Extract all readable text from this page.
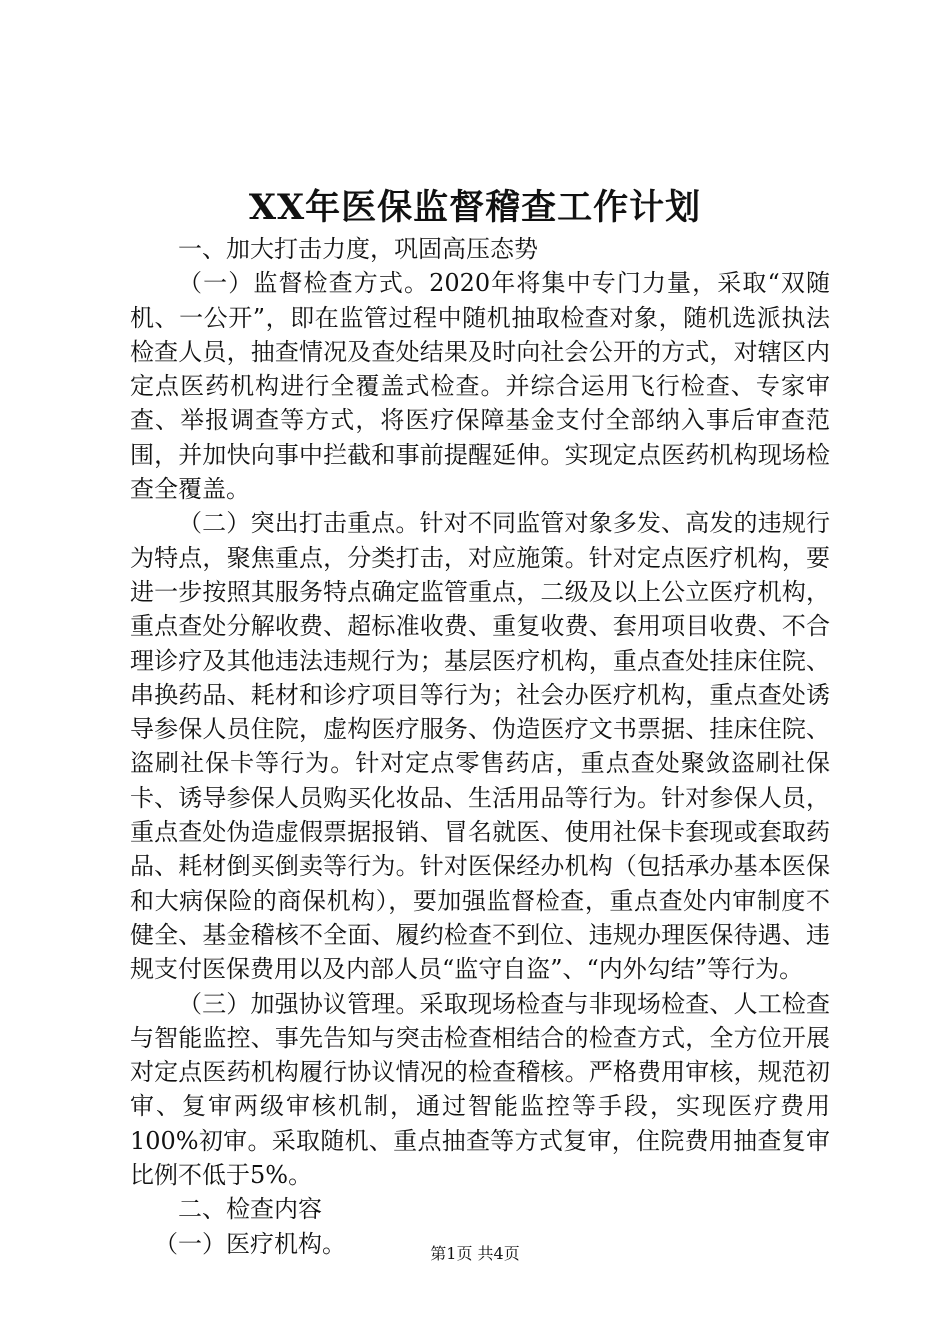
XX年医保监督稽查工作计划

一、加大打击力度，巩固高压态势

（一）监督检查方式。2020年将集中专门力量，采取“双随机、一公开”，即在监管过程中随机抽取检查对象，随机选派执法检查人员，抽查情况及查处结果及时向社会公开的方式，对辖区内定点医药机构进行全覆盖式检查。并综合运用飞行检查、专家审查、举报调查等方式，将医疗保障基金支付全部纳入事后审查范围，并加快向事中拦截和事前提醒延伸。实现定点医药机构现场检查全覆盖。

（二）突出打击重点。针对不同监管对象多发、高发的违规行为特点，聚焦重点，分类打击，对应施策。针对定点医疗机构，要进一步按照其服务特点确定监管重点，二级及以上公立医疗机构，重点查处分解收费、超标准收费、重复收费、套用项目收费、不合理诊疗及其他违法违规行为；基层医疗机构，重点查处挂床住院、串换药品、耗材和诊疗项目等行为；社会办医疗机构，重点查处诱导参保人员住院，虚构医疗服务、伪造医疗文书票据、挂床住院、盗刷社保卡等行为。针对定点零售药店，重点查处聚敛盗刷社保卡、诱导参保人员购买化妆品、生活用品等行为。针对参保人员，重点查处伪造虚假票据报销、冒名就医、使用社保卡套现或套取药品、耗材倒买倒卖等行为。针对医保经办机构（包括承办基本医保和大病保险的商保机构），要加强监督检查，重点查处内审制度不健全、基金稽核不全面、履约检查不到位、违规办理医保待遇、违规支付医保费用以及内部人员“监守自盗”、“内外勾结”等行为。

（三）加强协议管理。采取现场检查与非现场检查、人工检查与智能监控、事先告知与突击检查相结合的检查方式，全方位开展对定点医药机构履行协议情况的检查稽核。严格费用审核，规范初审、复审两级审核机制，通过智能监控等手段，实现医疗费用100%初审。采取随机、重点抽查等方式复审，住院费用抽查复审比例不低于5%。

二、检查内容

（一）医疗机构。	第1页 共4页
